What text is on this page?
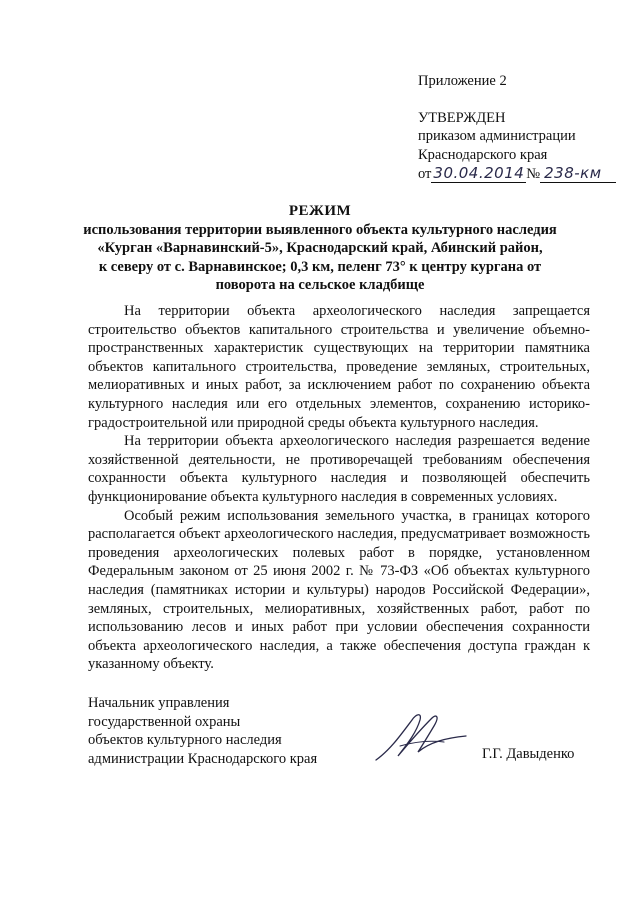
Приложение 2
УТВЕРЖДЕН
приказом администрации
Краснодарского края
от 30.04.2014 № 238-км
РЕЖИМ
использования территории выявленного объекта культурного наследия
«Курган «Варнавинский-5», Краснодарский край, Абинский район,
к северу от с. Варнавинское; 0,3 км, пеленг 73° к центру кургана от
поворота на сельское кладбище

На территории объекта археологического наследия запрещается строительство объектов капитального строительства и увеличение объемно-пространственных характеристик существующих на территории памятника объектов капитального строительства, проведение земляных, строительных, мелиоративных и иных работ, за исключением работ по сохранению объекта культурного наследия или его отдельных элементов, сохранению историко-градостроительной или природной среды объекта культурного наследия.

На территории объекта археологического наследия разрешается ведение хозяйственной деятельности, не противоречащей требованиям обеспечения сохранности объекта культурного наследия и позволяющей обеспечить функционирование объекта культурного наследия в современных условиях.

Особый режим использования земельного участка, в границах которого располагается объект археологического наследия, предусматривает возможность проведения археологических полевых работ в порядке, установленном Федеральным законом от 25 июня 2002 г. № 73-ФЗ «Об объектах культурного наследия (памятниках истории и культуры) народов Российской Федерации», земляных, строительных, мелиоративных, хозяйственных работ, работ по использованию лесов и иных работ при условии обеспечения сохранности объекта археологического наследия, а также обеспечения доступа граждан к указанному объекту.

Начальник управления
государственной охраны
объектов культурного наследия
администрации Краснодарского края	Г.Г. Давыденко
